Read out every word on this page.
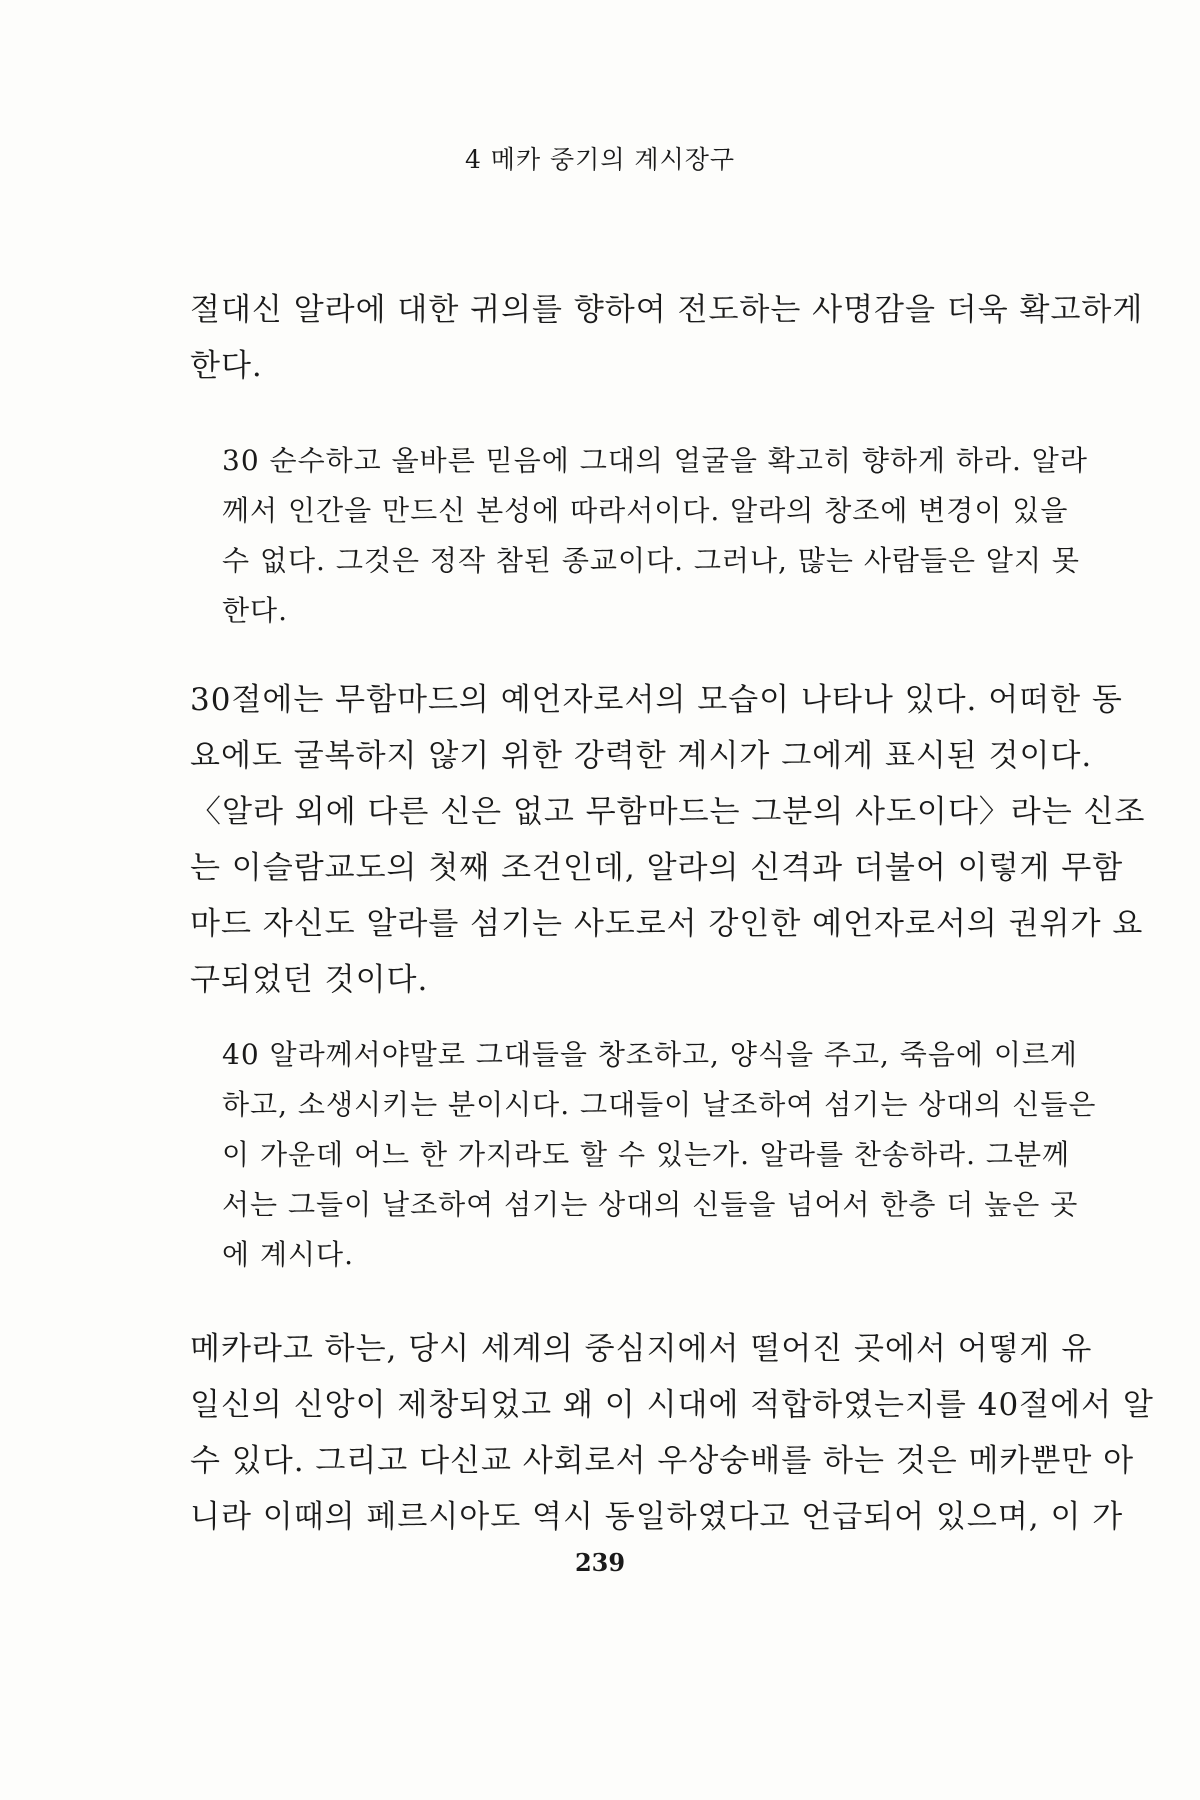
4 메카 중기의 계시장구
절대신 알라에 대한 귀의를 향하여 전도하는 사명감을 더욱 확고하게
한다.
30 순수하고 올바른 믿음에 그대의 얼굴을 확고히 향하게 하라. 알라
께서 인간을 만드신 본성에 따라서이다. 알라의 창조에 변경이 있을
수 없다. 그것은 정작 참된 종교이다. 그러나, 많는 사람들은 알지 못
한다.
30절에는 무함마드의 예언자로서의 모습이 나타나 있다. 어떠한 동
요에도 굴복하지 않기 위한 강력한 계시가 그에게 표시된 것이다.
〈알라 외에 다른 신은 없고 무함마드는 그분의 사도이다〉라는 신조
는 이슬람교도의 첫째 조건인데, 알라의 신격과 더불어 이렇게 무함
마드 자신도 알라를 섬기는 사도로서 강인한 예언자로서의 권위가 요
구되었던 것이다.
40 알라께서야말로 그대들을 창조하고, 양식을 주고, 죽음에 이르게
하고, 소생시키는 분이시다. 그대들이 날조하여 섬기는 상대의 신들은
이 가운데 어느 한 가지라도 할 수 있는가. 알라를 찬송하라. 그분께
서는 그들이 날조하여 섬기는 상대의 신들을 넘어서 한층 더 높은 곳
에 계시다.
메카라고 하는, 당시 세계의 중심지에서 떨어진 곳에서 어떻게 유
일신의 신앙이 제창되었고 왜 이 시대에 적합하였는지를 40절에서 알
수 있다. 그리고 다신교 사회로서 우상숭배를 하는 것은 메카뿐만 아
니라 이때의 페르시아도 역시 동일하였다고 언급되어 있으며, 이 가
239
